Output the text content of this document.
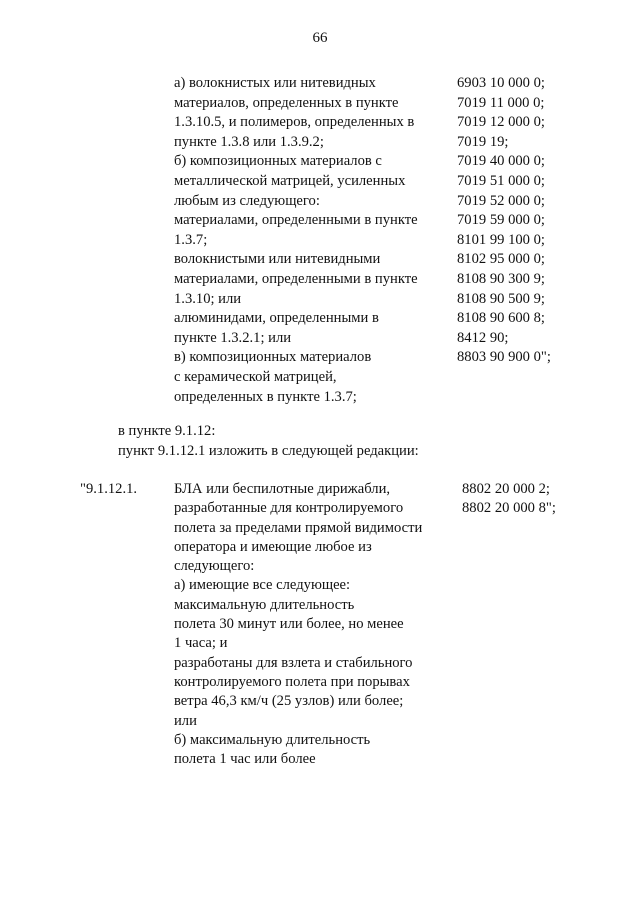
66
а) волокнистых или нитевидных
материалов, определенных в пункте
1.3.10.5, и полимеров, определенных в
пункте 1.3.8 или 1.3.9.2;
б) композиционных материалов с
металлической матрицей, усиленных
любым из следующего:
материалами, определенными в пункте
1.3.7;
волокнистыми или нитевидными
материалами, определенными в пункте
1.3.10; или
алюминидами, определенными в
пункте 1.3.2.1; или
в) композиционных материалов
с керамической матрицей,
определенных в пункте 1.3.7;
6903 10 000 0;
7019 11 000 0;
7019 12 000 0;
7019 19;
7019 40 000 0;
7019 51 000 0;
7019 52 000 0;
7019 59 000 0;
8101 99 100 0;
8102 95 000 0;
8108 90 300 9;
8108 90 500 9;
8108 90 600 8;
8412 90;
8803 90 900 0";
в пункте 9.1.12:
пункт 9.1.12.1 изложить в следующей редакции:
"9.1.12.1.	БЛА или беспилотные дирижабли,
разработанные для контролируемого
полета за пределами прямой видимости
оператора и имеющие любое из
следующего:
а) имеющие все следующее:
максимальную длительность
полета 30 минут или более, но менее
1 часа; и
разработаны для взлета и стабильного
контролируемого полета при порывах
ветра 46,3 км/ч (25 узлов) или более;
или
б) максимальную длительность
полета 1 час или более
8802 20 000 2;
8802 20 000 8";
